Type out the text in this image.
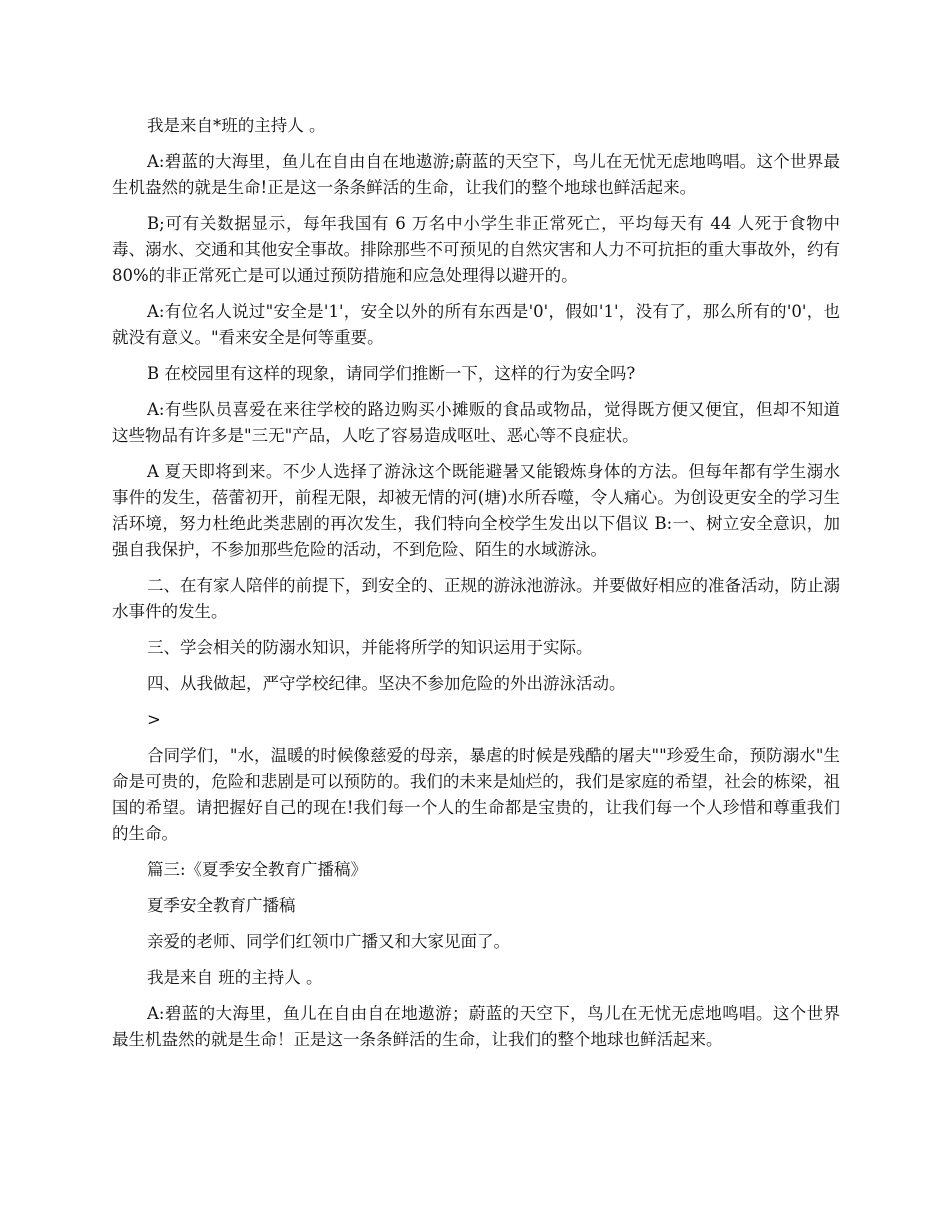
我是来自*班的主持人 。

A:碧蓝的大海里，鱼儿在自由自在地遨游;蔚蓝的天空下，鸟儿在无忧无虑地鸣唱。这个世界最生机盎然的就是生命!正是这一条条鲜活的生命，让我们的整个地球也鲜活起来。

B;可有关数据显示，每年我国有 6 万名中小学生非正常死亡，平均每天有 44 人死于食物中毒、溺水、交通和其他安全事故。排除那些不可预见的自然灾害和人力不可抗拒的重大事故外，约有 80%的非正常死亡是可以通过预防措施和应急处理得以避开的。

A:有位名人说过"安全是'1'，安全以外的所有东西是'0'，假如'1'，没有了，那么所有的'0'，也就没有意义。"看来安全是何等重要。

B 在校园里有这样的现象，请同学们推断一下，这样的行为安全吗?

A:有些队员喜爱在来往学校的路边购买小摊贩的食品或物品，觉得既方便又便宜，但却不知道这些物品有许多是"三无"产品，人吃了容易造成呕吐、恶心等不良症状。

A 夏天即将到来。不少人选择了游泳这个既能避暑又能锻炼身体的方法。但每年都有学生溺水事件的发生，蓓蕾初开，前程无限，却被无情的河(塘)水所吞噬，令人痛心。为创设更安全的学习生活环境，努力杜绝此类悲剧的再次发生，我们特向全校学生发出以下倡议 B:一、树立安全意识，加强自我保护，不参加那些危险的活动，不到危险、陌生的水域游泳。

二、在有家人陪伴的前提下，到安全的、正规的游泳池游泳。并要做好相应的准备活动，防止溺水事件的发生。

三、学会相关的防溺水知识，并能将所学的知识运用于实际。

四、从我做起，严守学校纪律。坚决不参加危险的外出游泳活动。

>

合同学们，"水，温暖的时候像慈爱的母亲，暴虐的时候是残酷的屠夫""珍爱生命，预防溺水"生命是可贵的，危险和悲剧是可以预防的。我们的未来是灿烂的，我们是家庭的希望，社会的栋梁，祖国的希望。请把握好自己的现在!我们每一个人的生命都是宝贵的，让我们每一个人珍惜和尊重我们的生命。

篇三:《夏季安全教育广播稿》

夏季安全教育广播稿

亲爱的老师、同学们红领巾广播又和大家见面了。

我是来自 班的主持人 。

A:碧蓝的大海里，鱼儿在自由自在地遨游；蔚蓝的天空下，鸟儿在无忧无虑地鸣唱。这个世界最生机盎然的就是生命！正是这一条条鲜活的生命，让我们的整个地球也鲜活起来。
